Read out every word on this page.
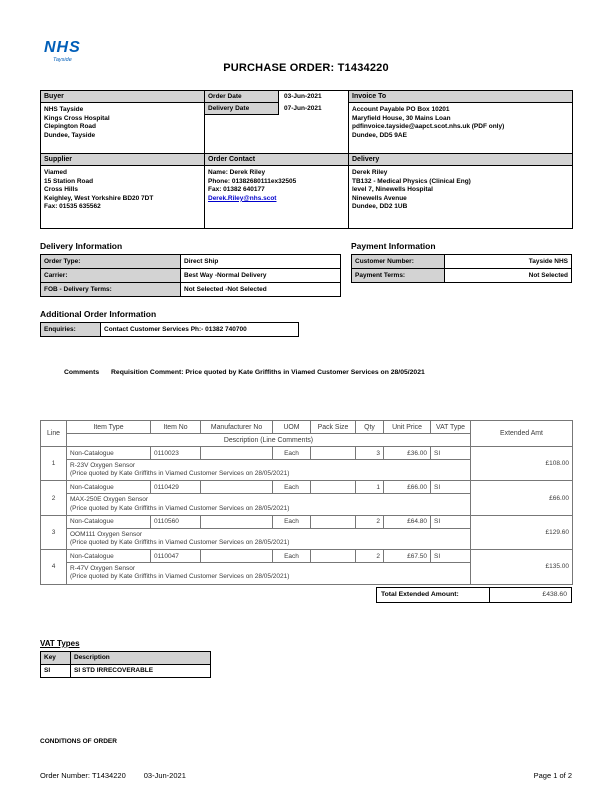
NHS
Tayside
PURCHASE ORDER: T1434220
Buyer
NHS Tayside
Kings Cross Hospital
Clepington Road
Dundee, Tayside

Order Date	03-Jun-2021
Delivery Date	07-Jun-2021

Invoice To
Account Payable PO Box 10201
Maryfield House, 30 Mains Loan
pdfinvoice.tayside@aapct.scot.nhs.uk (PDF only)
Dundee, DD5 9AE

Supplier
Viamed
15 Station Road
Cross Hills
Keighley, West Yorkshire BD20 7DT
Fax: 01535 635562

Order Contact
Name: Derek Riley
Phone: 01382680111ex32505
Fax: 01382 640177
Derek.Riley@nhs.scot

Delivery
Derek Riley
TB132 - Medical Physics (Clinical Eng)
level 7, Ninewells Hospital
Ninewells Avenue
Dundee, DD2 1UB
Delivery Information
Order Type:	Direct Ship
Carrier:	Best Way -Normal Delivery
FOB - Delivery Terms:	Not Selected -Not Selected
Payment Information
Customer Number:	Tayside NHS
Payment Terms:	Not Selected
Additional Order Information
Enquiries:	Contact Customer Services Ph:- 01382 740700
Comments Requisition Comment: Price quoted by Kate Griffiths in Viamed Customer Services on 28/05/2021
Line	Item Type	Item No	Manufacturer No	UOM	Pack Size	Qty	Unit Price	VAT Type	Extended Amt
	Description (Line Comments)								
1	Non-Catalogue	0110023		Each		3	£36.00	SI	£108.00

	R-23V Oxygen Sensor
(Price quoted by Kate Griffiths in Viamed Customer Services on 28/05/2021)								

2	Non-Catalogue	0110429		Each		1	£66.00	SI	£66.00

	MAX-250E Oxygen Sensor
(Price quoted by Kate Griffiths in Viamed Customer Services on 28/05/2021)								

3	Non-Catalogue	0110560		Each		2	£64.80	SI	£129.60

	OOM111 Oxygen Sensor
(Price quoted by Kate Griffiths in Viamed Customer Services on 28/05/2021)								

4	Non-Catalogue	0110047		Each		2	£67.50	SI	£135.00

	R-47V Oxygen Sensor
(Price quoted by Kate Griffiths in Viamed Customer Services on 28/05/2021)								
Total Extended Amount:	£438.60
VAT Types
Key	Description
SI	SI STD IRRECOVERABLE
CONDITIONS OF ORDER
Order Number: T1434220 03-Jun-2021	Page 1 of 2
